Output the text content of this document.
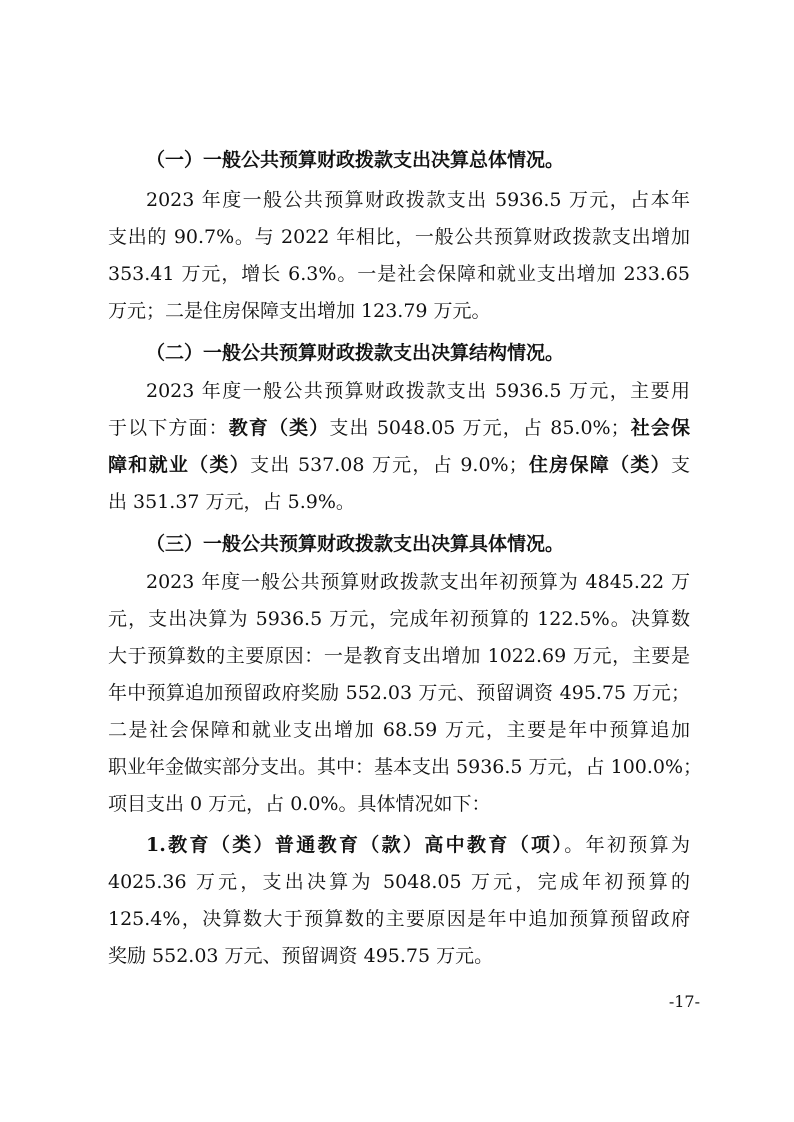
（一）一般公共预算财政拨款支出决算总体情况。
2023 年度一般公共预算财政拨款支出 5936.5 万元，占本年
支出的 90.7%。与 2022 年相比，一般公共预算财政拨款支出增加
353.41 万元，增长 6.3%。一是社会保障和就业支出增加 233.65
万元；二是住房保障支出增加 123.79 万元。
（二）一般公共预算财政拨款支出决算结构情况。
2023 年度一般公共预算财政拨款支出 5936.5 万元，主要用
于以下方面：教育（类）支出 5048.05 万元，占 85.0%；社会保
障和就业（类）支出 537.08 万元，占 9.0%；住房保障（类）支
出 351.37 万元，占 5.9%。
（三）一般公共预算财政拨款支出决算具体情况。
2023 年度一般公共预算财政拨款支出年初预算为 4845.22 万
元，支出决算为 5936.5 万元，完成年初预算的 122.5%。决算数
大于预算数的主要原因：一是教育支出增加 1022.69 万元，主要是
年中预算追加预留政府奖励 552.03 万元、预留调资 495.75 万元；
二是社会保障和就业支出增加 68.59 万元，主要是年中预算追加
职业年金做实部分支出。其中：基本支出 5936.5 万元，占 100.0%；
项目支出 0 万元，占 0.0%。具体情况如下：
1.教育（类）普通教育（款）高中教育（项）。年初预算为
4025.36 万元，支出决算为 5048.05 万元，完成年初预算的
125.4%，决算数大于预算数的主要原因是年中追加预算预留政府
奖励 552.03 万元、预留调资 495.75 万元。
-17-
